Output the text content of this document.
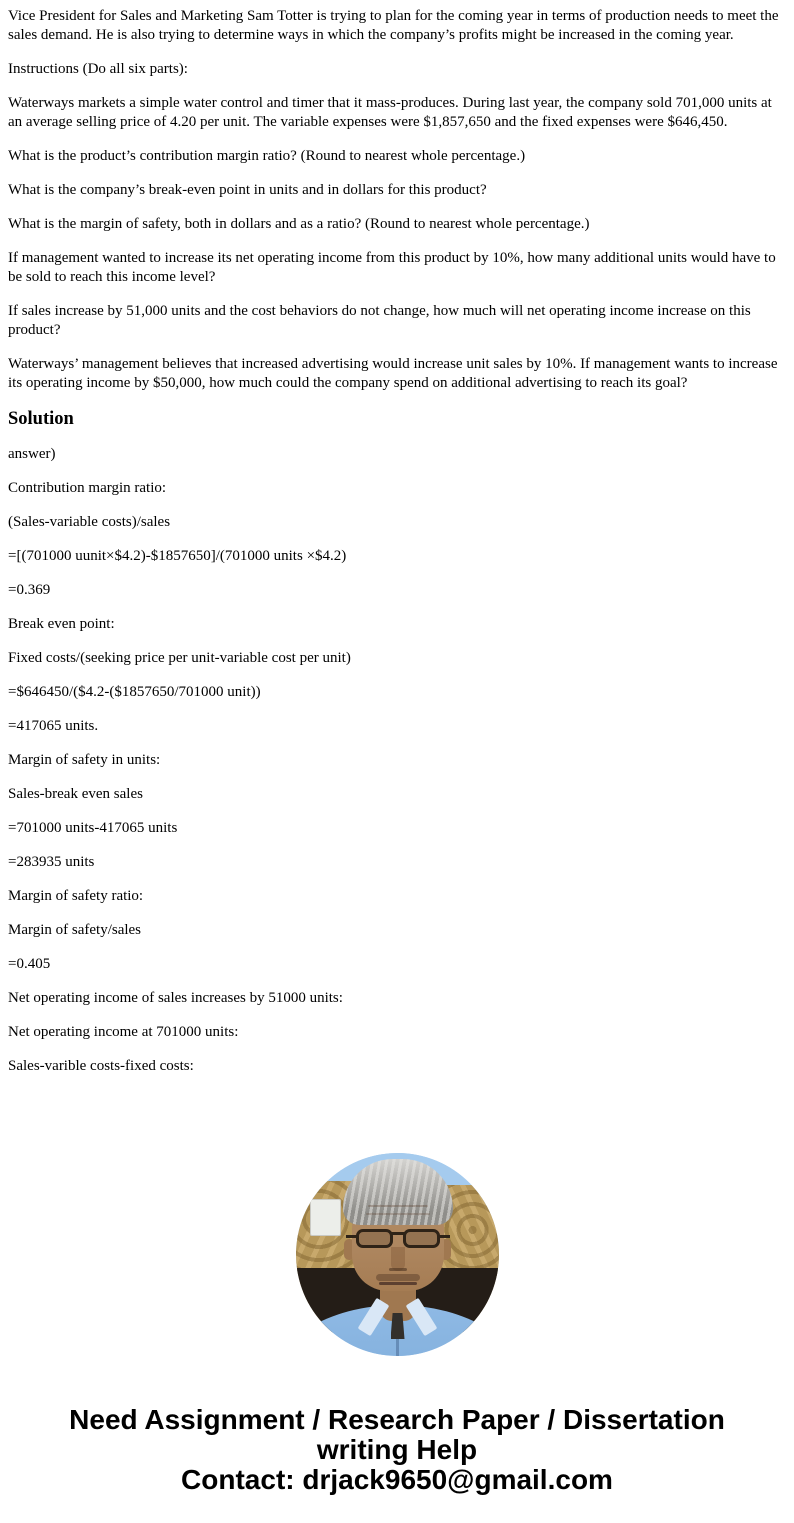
Vice President for Sales and Marketing Sam Totter is trying to plan for the coming year in terms of production needs to meet the sales demand. He is also trying to determine ways in which the company’s profits might be increased in the coming year.

Instructions (Do all six parts):

Waterways markets a simple water control and timer that it mass-produces. During last year, the company sold 701,000 units at an average selling price of 4.20 per unit. The variable expenses were $1,857,650 and the fixed expenses were $646,450.

What is the product’s contribution margin ratio? (Round to nearest whole percentage.)

What is the company’s break-even point in units and in dollars for this product?

What is the margin of safety, both in dollars and as a ratio? (Round to nearest whole percentage.)

If management wanted to increase its net operating income from this product by 10%, how many additional units would have to be sold to reach this income level?

If sales increase by 51,000 units and the cost behaviors do not change, how much will net operating income increase on this product?

Waterways’ management believes that increased advertising would increase unit sales by 10%. If management wants to increase its operating income by $50,000, how much could the company spend on additional advertising to reach its goal?

Solution

answer)

Contribution margin ratio:

(Sales-variable costs)/sales

=[(701000 uunit×$4.2)-$1857650]/(701000 units ×$4.2)

=0.369

Break even point:

Fixed costs/(seeking price per unit-variable cost per unit)

=$646450/($4.2-($1857650/701000 unit))

=417065 units.

Margin of safety in units:

Sales-break even sales

=701000 units-417065 units

=283935 units

Margin of safety ratio:

Margin of safety/sales

=0.405

Net operating income of sales increases by 51000 units:

Net operating income at 701000 units:

Sales-varible costs-fixed costs:

Need Assignment / Research Paper / Dissertation
writing Help
Contact: drjack9650@gmail.com
